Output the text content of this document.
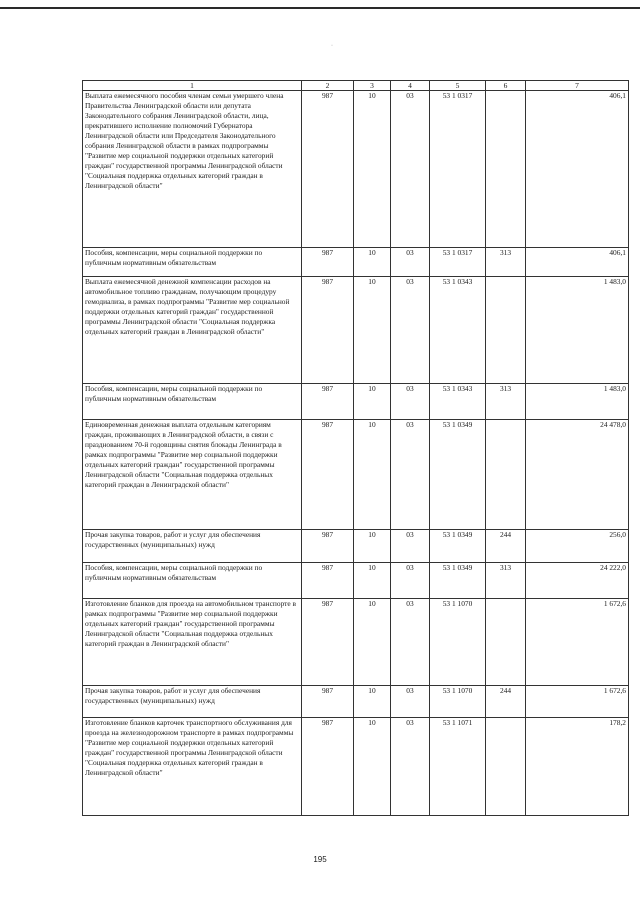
·
1	2	3	4	5	6	7
Выплата ежемесячного пособия членам семьи умершего члена Правительства Ленинградской области или депутата Законодательного собрания Ленинградской области, лица, прекратившего исполнение полномочий Губернатора Ленинградской области или Председателя Законодательного собрания Ленинградской области в рамках подпрограммы "Развитие мер социальной поддержки отдельных категорий граждан" государственной программы Ленинградской области "Социальная поддержка отдельных категорий граждан в Ленинградской области"	987	10	03	53 1 0317		406,1
Пособия, компенсации, меры социальной поддержки по публичным нормативным обязательствам	987	10	03	53 1 0317	313	406,1
Выплата ежемесячной денежной компенсации расходов на автомобильное топливо гражданам, получающим процедуру гемодиализа, в рамках подпрограммы "Развитие мер социальной поддержки отдельных категорий граждан" государственной программы Ленинградской области "Социальная поддержка отдельных категорий граждан в Ленинградской области"	987	10	03	53 1 0343		1 483,0
Пособия, компенсации, меры социальной поддержки по публичным нормативным обязательствам	987	10	03	53 1 0343	313	1 483,0
Единовременная денежная выплата отдельным категориям граждан, проживающих в Ленинградской области, в связи с празднованием 70-й годовщины снятия блокады Ленинграда в рамках подпрограммы "Развитие мер социальной поддержки отдельных категорий граждан" государственной программы Ленинградской области "Социальная поддержка отдельных категорий граждан в Ленинградской области"	987	10	03	53 1 0349		24 478,0
Прочая закупка товаров, работ и услуг для обеспечения государственных (муниципальных) нужд	987	10	03	53 1 0349	244	256,0
Пособия, компенсации, меры социальной поддержки по публичным нормативным обязательствам	987	10	03	53 1 0349	313	24 222,0
Изготовление бланков для проезда на автомобильном транспорте в рамках подпрограммы "Развитие мер социальной поддержки отдельных категорий граждан" государственной программы Ленинградской области "Социальная поддержка отдельных категорий граждан в Ленинградской области"	987	10	03	53 1 1070		1 672,6
Прочая закупка товаров, работ и услуг для обеспечения государственных (муниципальных) нужд	987	10	03	53 1 1070	244	1 672,6
Изготовление бланков карточек транспортного обслуживания для проезда на железнодорожном транспорте в рамках подпрограммы "Развитие мер социальной поддержки отдельных категорий граждан" государственной программы Ленинградской области "Социальная поддержка отдельных категорий граждан в Ленинградской области"	987	10	03	53 1 1071		178,2
195
